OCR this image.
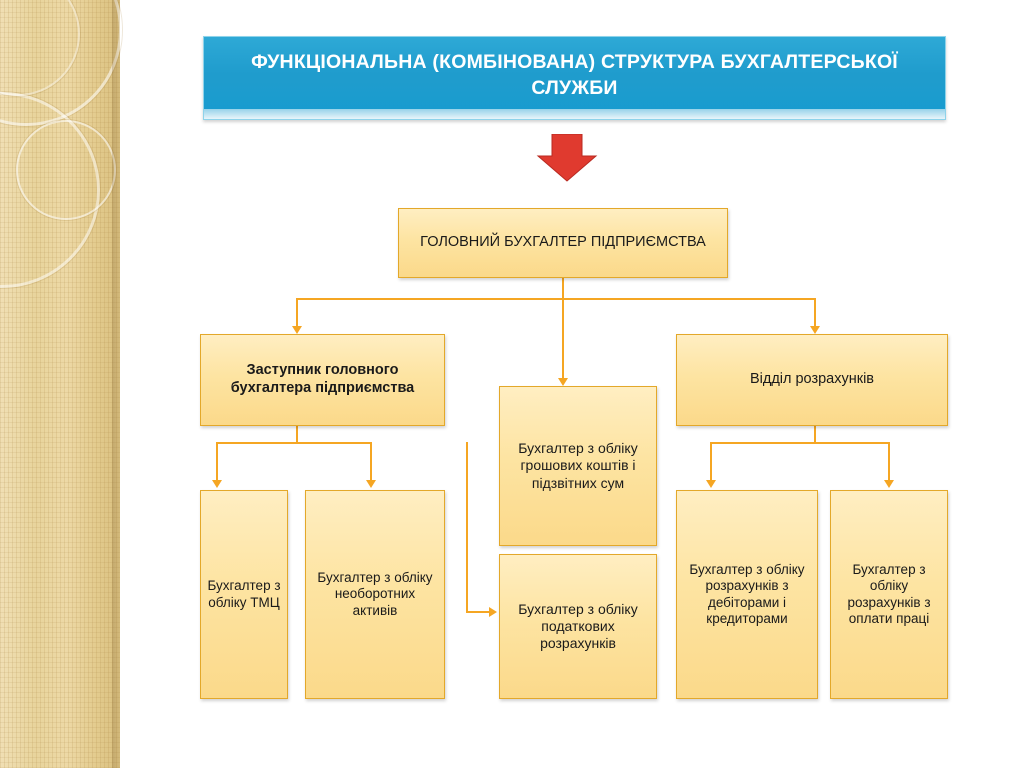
ФУНКЦІОНАЛЬНА (КОМБІНОВАНА) СТРУКТУРА БУХГАЛТЕРСЬКОЇ СЛУЖБИ
ГОЛОВНИЙ БУХГАЛТЕР ПІДПРИЄМСТВА
Заступник головного бухгалтера підприємства
Відділ розрахунків
Бухгалтер з обліку грошових коштів і підзвітних сум
Бухгалтер з обліку податкових розрахунків
Бухгалтер з обліку ТМЦ
Бухгалтер з обліку необоротних активів
Бухгалтер з обліку розрахунків з дебіторами і кредиторами
Бухгалтер з обліку розрахунків з оплати праці
